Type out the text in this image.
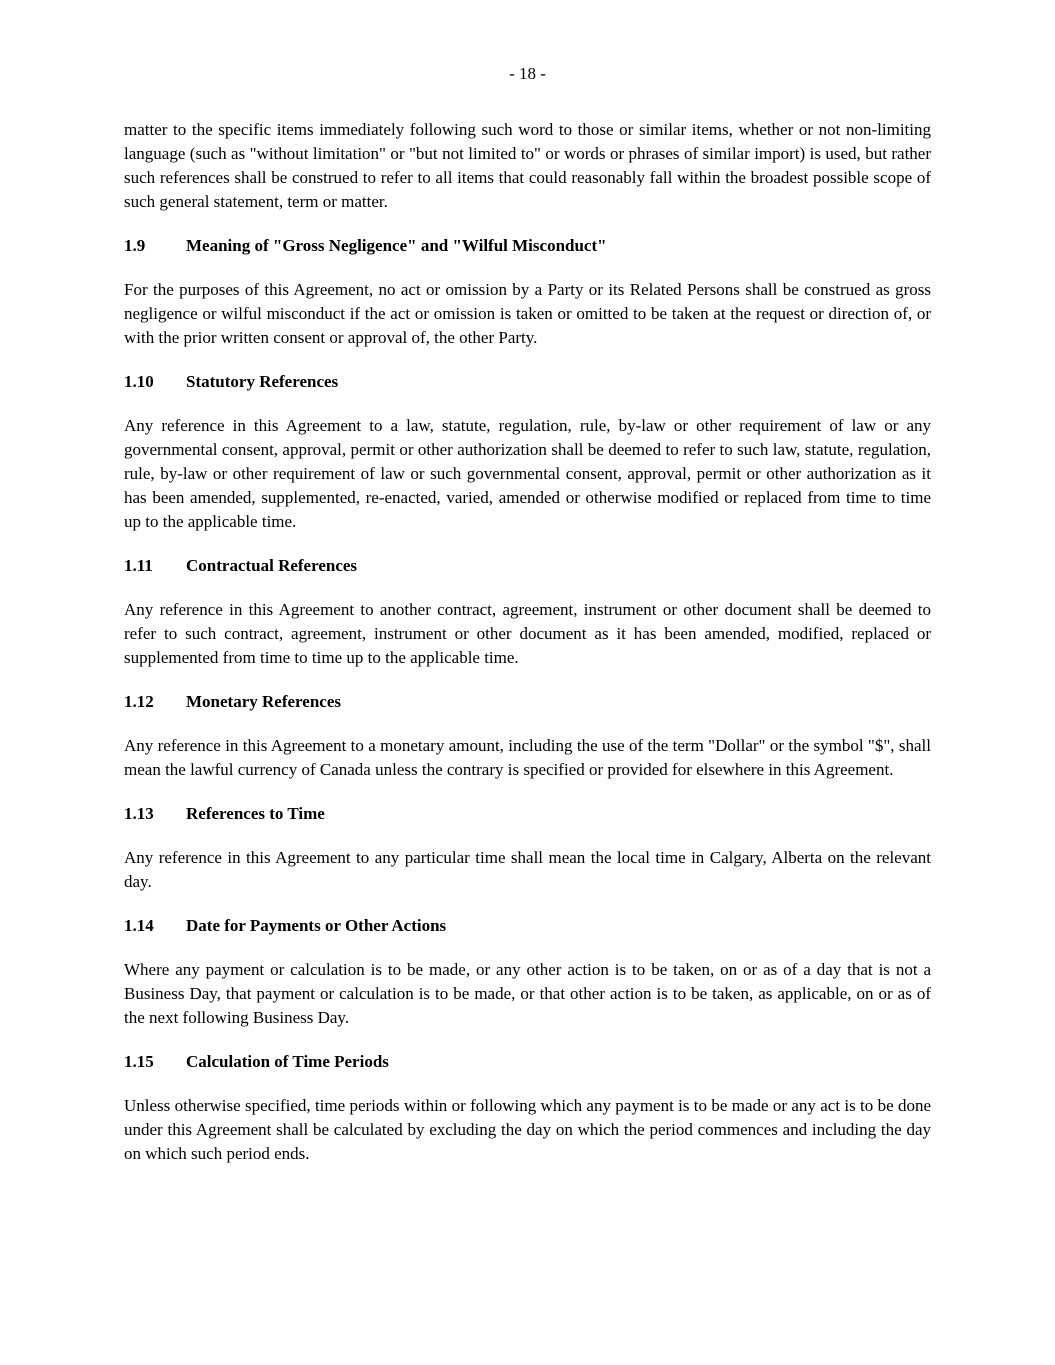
- 18 -

matter to the specific items immediately following such word to those or similar items, whether or not non-limiting language (such as "without limitation" or "but not limited to" or words or phrases of similar import) is used, but rather such references shall be construed to refer to all items that could reasonably fall within the broadest possible scope of such general statement, term or matter.

1.9	Meaning of "Gross Negligence" and "Wilful Misconduct"

For the purposes of this Agreement, no act or omission by a Party or its Related Persons shall be construed as gross negligence or wilful misconduct if the act or omission is taken or omitted to be taken at the request or direction of, or with the prior written consent or approval of, the other Party.

1.10	Statutory References

Any reference in this Agreement to a law, statute, regulation, rule, by-law or other requirement of law or any governmental consent, approval, permit or other authorization shall be deemed to refer to such law, statute, regulation, rule, by-law or other requirement of law or such governmental consent, approval, permit or other authorization as it has been amended, supplemented, re-enacted, varied, amended or otherwise modified or replaced from time to time up to the applicable time.

1.11	Contractual References

Any reference in this Agreement to another contract, agreement, instrument or other document shall be deemed to refer to such contract, agreement, instrument or other document as it has been amended, modified, replaced or supplemented from time to time up to the applicable time.

1.12	Monetary References

Any reference in this Agreement to a monetary amount, including the use of the term "Dollar" or the symbol "$", shall mean the lawful currency of Canada unless the contrary is specified or provided for elsewhere in this Agreement.

1.13	References to Time

Any reference in this Agreement to any particular time shall mean the local time in Calgary, Alberta on the relevant day.

1.14	Date for Payments or Other Actions

Where any payment or calculation is to be made, or any other action is to be taken, on or as of a day that is not a Business Day, that payment or calculation is to be made, or that other action is to be taken, as applicable, on or as of the next following Business Day.

1.15	Calculation of Time Periods

Unless otherwise specified, time periods within or following which any payment is to be made or any act is to be done under this Agreement shall be calculated by excluding the day on which the period commences and including the day on which such period ends.
